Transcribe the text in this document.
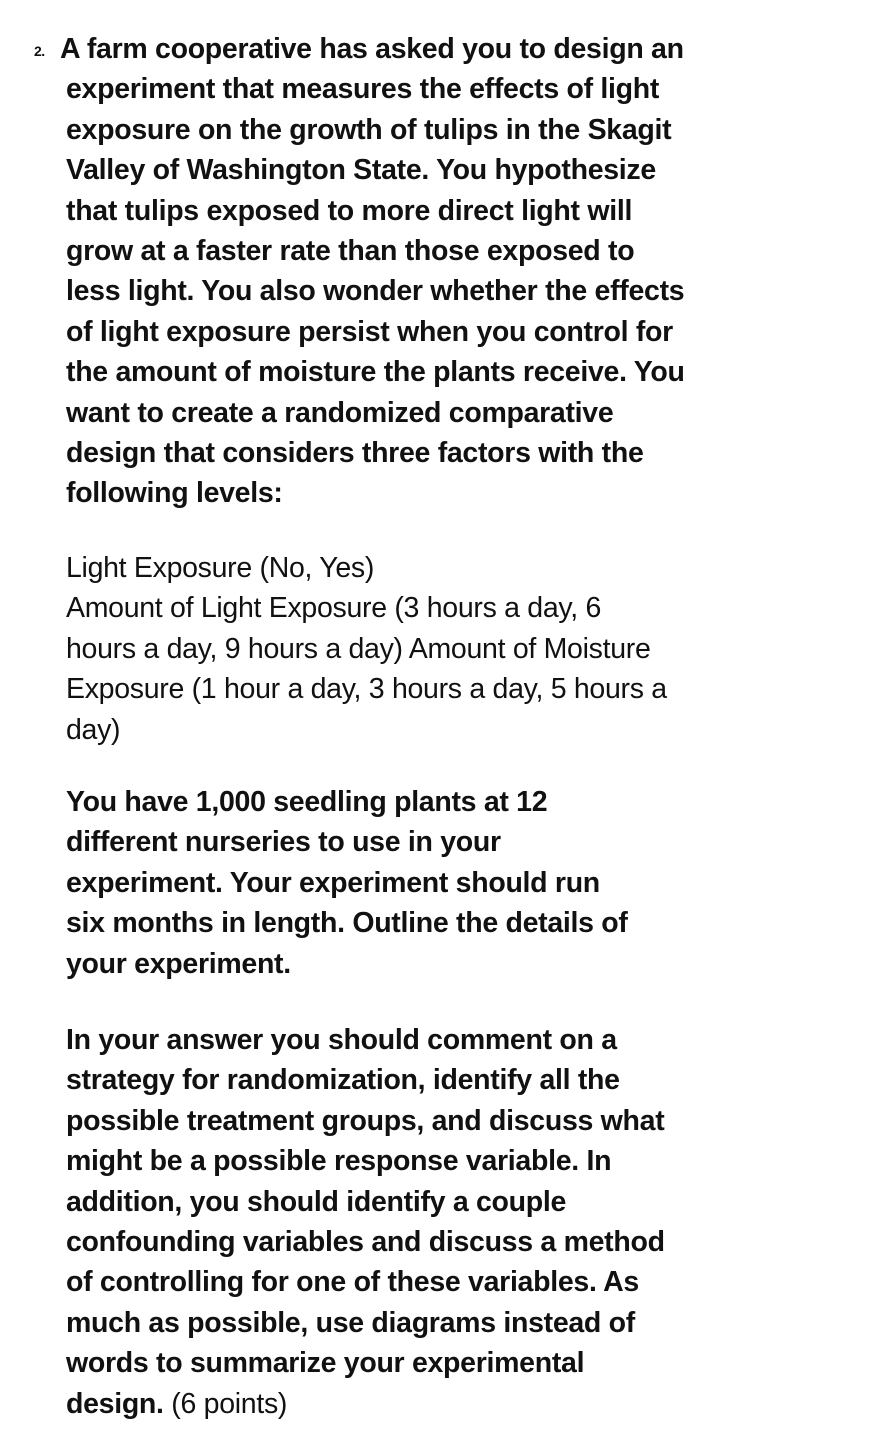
2. A farm cooperative has asked you to design an
experiment that measures the effects of light
exposure on the growth of tulips in the Skagit
Valley of Washington State. You hypothesize
that tulips exposed to more direct light will
grow at a faster rate than those exposed to
less light. You also wonder whether the effects
of light exposure persist when you control for
the amount of moisture the plants receive. You
want to create a randomized comparative
design that considers three factors with the
following levels:

Light Exposure (No, Yes)
Amount of Light Exposure (3 hours a day, 6
hours a day, 9 hours a day) Amount of Moisture
Exposure (1 hour a day, 3 hours a day, 5 hours a
day)

You have 1,000 seedling plants at 12
different nurseries to use in your
experiment. Your experiment should run
six months in length. Outline the details of
your experiment.

In your answer you should comment on a
strategy for randomization, identify all the
possible treatment groups, and discuss what
might be a possible response variable. In
addition, you should identify a couple
confounding variables and discuss a method
of controlling for one of these variables. As
much as possible, use diagrams instead of
words to summarize your experimental
design. (6 points)
